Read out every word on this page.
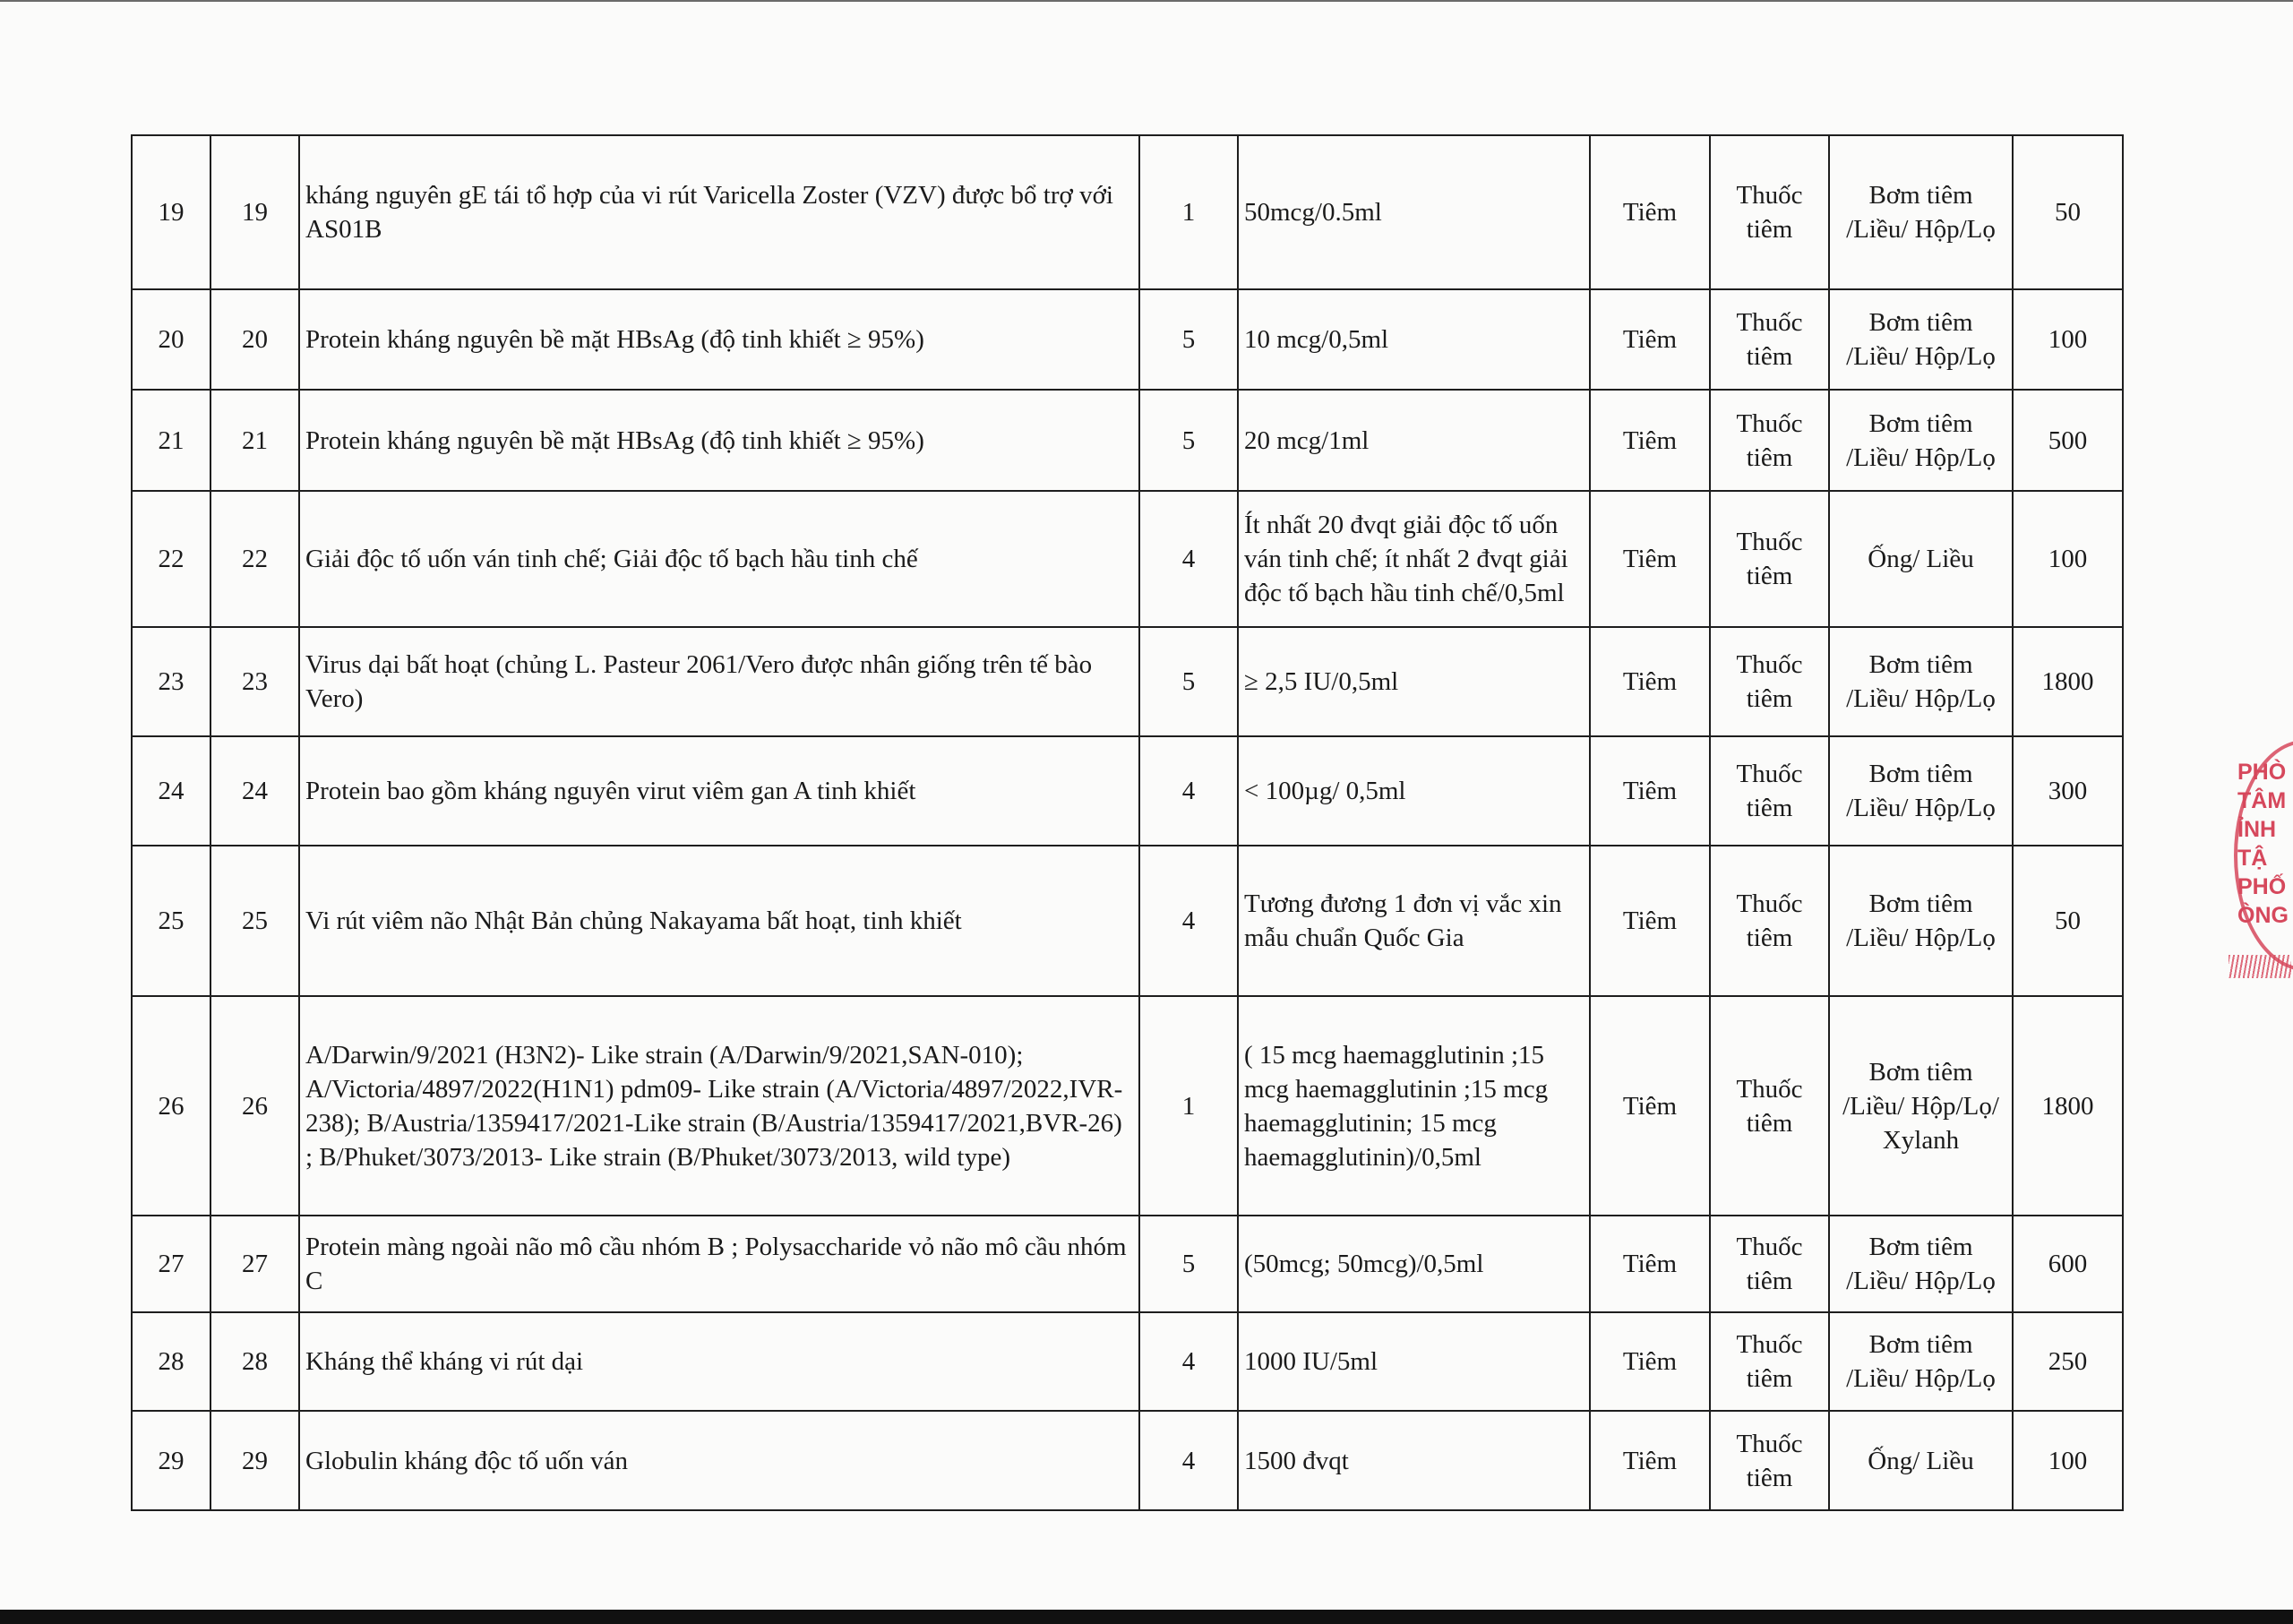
19	19	kháng nguyên gE tái tổ hợp của vi rút Varicella Zoster (VZV) được bổ trợ với AS01B	1	50mcg/0.5ml	Tiêm	Thuốc tiêm	Bơm tiêm /Liều/ Hộp/Lọ	50
20	20	Protein kháng nguyên bề mặt HBsAg (độ tinh khiết ≥ 95%)	5	10 mcg/0,5ml	Tiêm	Thuốc tiêm	Bơm tiêm /Liều/ Hộp/Lọ	100
21	21	Protein kháng nguyên bề mặt HBsAg (độ tinh khiết ≥ 95%)	5	20 mcg/1ml	Tiêm	Thuốc tiêm	Bơm tiêm /Liều/ Hộp/Lọ	500
22	22	Giải độc tố uốn ván tinh chế; Giải độc tố bạch hầu tinh chế	4	Ít nhất 20 đvqt giải độc tố uốn ván tinh chế; ít nhất 2 đvqt giải độc tố bạch hầu tinh chế/0,5ml	Tiêm	Thuốc tiêm	Ống/ Liều	100
23	23	Virus dại bất hoạt (chủng L. Pasteur 2061/Vero được nhân giống trên tế bào Vero)	5	≥ 2,5 IU/0,5ml	Tiêm	Thuốc tiêm	Bơm tiêm /Liều/ Hộp/Lọ	1800
24	24	Protein bao gồm kháng nguyên virut viêm gan A tinh khiết	4	< 100µg/ 0,5ml	Tiêm	Thuốc tiêm	Bơm tiêm /Liều/ Hộp/Lọ	300
25	25	Vi rút viêm não Nhật Bản chủng Nakayama bất hoạt, tinh khiết	4	Tương đương 1 đơn vị vắc xin mẫu chuẩn Quốc Gia	Tiêm	Thuốc tiêm	Bơm tiêm /Liều/ Hộp/Lọ	50
26	26	A/Darwin/9/2021 (H3N2)- Like strain (A/Darwin/9/2021,SAN-010); A/Victoria/4897/2022(H1N1) pdm09- Like strain (A/Victoria/4897/2022,IVR-238); B/Austria/1359417/2021-Like strain (B/Austria/1359417/2021,BVR-26) ; B/Phuket/3073/2013- Like strain (B/Phuket/3073/2013, wild type)	1	( 15 mcg haemagglutinin ;15 mcg haemagglutinin ;15 mcg haemagglutinin; 15 mcg haemagglutinin)/0,5ml	Tiêm	Thuốc tiêm	Bơm tiêm /Liều/ Hộp/Lọ/ Xylanh	1800
27	27	Protein màng ngoài não mô cầu nhóm B ; Polysaccharide vỏ não mô cầu nhóm C	5	(50mcg; 50mcg)/0,5ml	Tiêm	Thuốc tiêm	Bơm tiêm /Liều/ Hộp/Lọ	600
28	28	Kháng thể kháng vi rút dại	4	1000 IU/5ml	Tiêm	Thuốc tiêm	Bơm tiêm /Liều/ Hộp/Lọ	250
29	29	Globulin kháng độc tố uốn ván	4	1500 đvqt	Tiêm	Thuốc tiêm	Ống/ Liều	100
PHÒ
TÂM
ỈNH TẬ
PHỐ
ÒNG
